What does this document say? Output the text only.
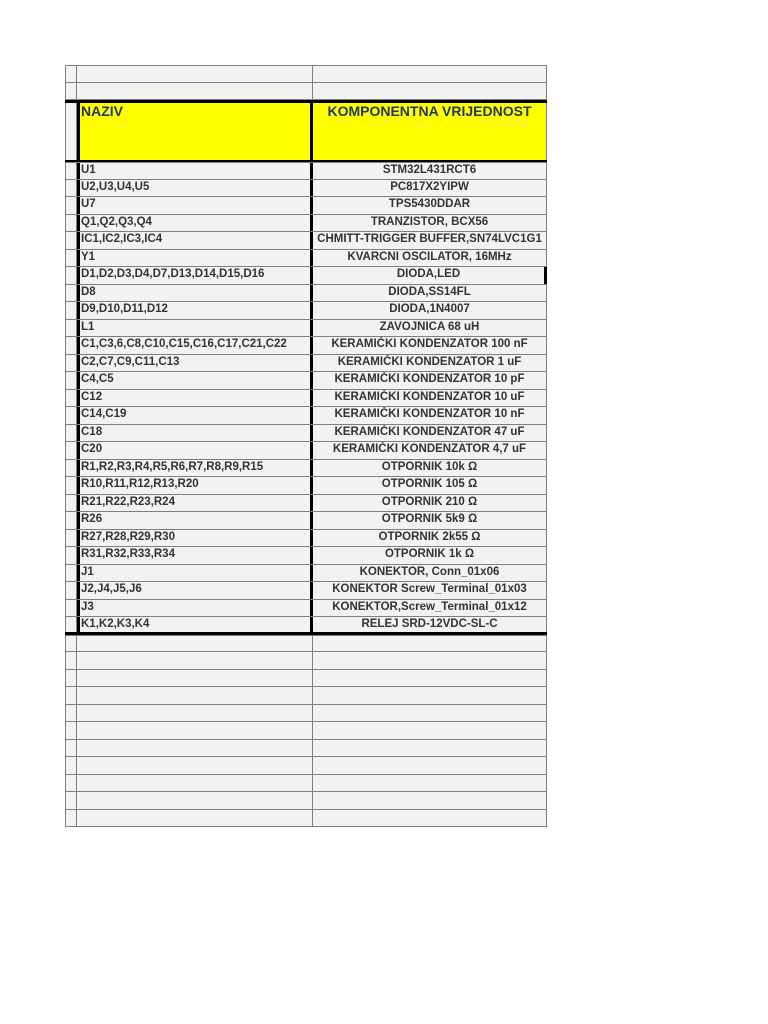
NAZIV	KOMPONENTNA VRIJEDNOST
U1	STM32L431RCT6
U2,U3,U4,U5	PC817X2YIPW
U7	TPS5430DDAR
Q1,Q2,Q3,Q4	TRANZISTOR, BCX56
IC1,IC2,IC3,IC4	CHMITT-TRIGGER BUFFER,SN74LVC1G1
Y1	KVARCNI OSCILATOR, 16MHz
D1,D2,D3,D4,D7,D13,D14,D15,D16	DIODA,LED
D8	DIODA,SS14FL
D9,D10,D11,D12	DIODA,1N4007
L1	ZAVOJNICA 68 uH
C1,C3,6,C8,C10,C15,C16,C17,C21,C22	KERAMIČKI KONDENZATOR 100 nF
C2,C7,C9,C11,C13	KERAMIČKI KONDENZATOR 1 uF
C4,C5	KERAMIČKI KONDENZATOR 10 pF
C12	KERAMIČKI KONDENZATOR 10 uF
C14,C19	KERAMIČKI KONDENZATOR 10 nF
C18	KERAMIČKI KONDENZATOR 47 uF
C20	KERAMIČKI KONDENZATOR 4,7 uF
R1,R2,R3,R4,R5,R6,R7,R8,R9,R15	OTPORNIK 10k Ω
R10,R11,R12,R13,R20	OTPORNIK 105 Ω
R21,R22,R23,R24	OTPORNIK 210 Ω
R26	OTPORNIK 5k9 Ω
R27,R28,R29,R30	OTPORNIK 2k55 Ω
R31,R32,R33,R34	OTPORNIK 1k Ω
J1	KONEKTOR, Conn_01x06
J2,J4,J5,J6	KONEKTOR Screw_Terminal_01x03
J3	KONEKTOR,Screw_Terminal_01x12
K1,K2,K3,K4	RELEJ SRD-12VDC-SL-C
